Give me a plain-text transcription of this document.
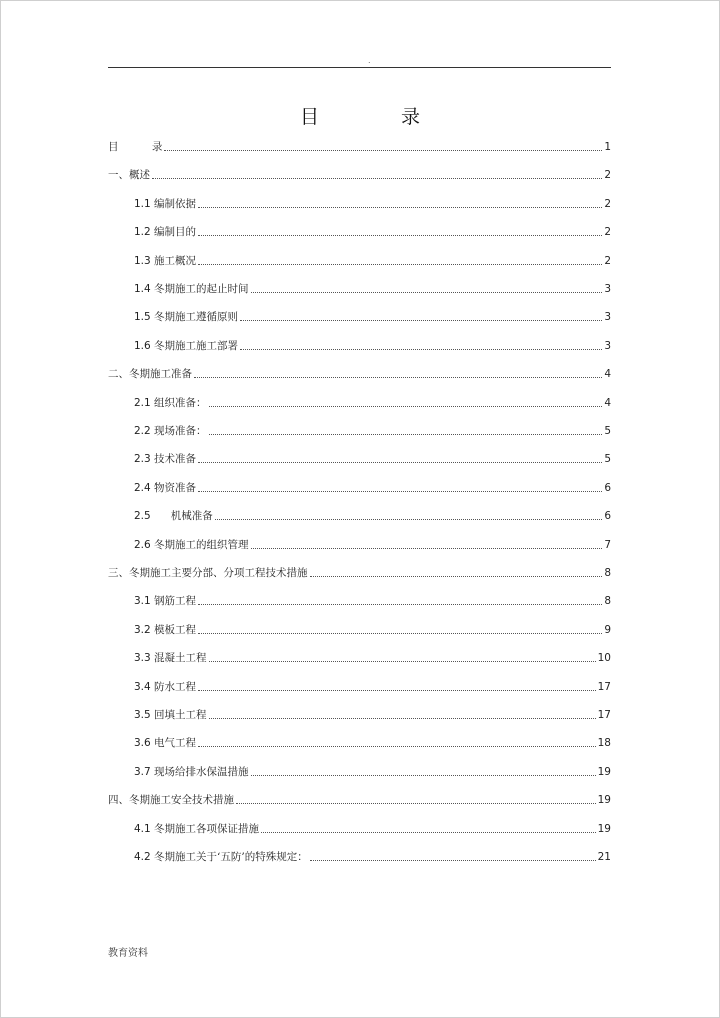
.
目	录
目          录	1
一、概述	2
1.1 编制依据	2
1.2 编制目的	2
1.3 施工概况	2
1.4 冬期施工的起止时间	3
1.5 冬期施工遵循原则	3
1.6 冬期施工施工部署	3
二、冬期施工准备	4
2.1 组织准备：	4
2.2 现场准备：	5
2.3 技术准备	5
2.4 物资准备	6
2.5 机械准备	6
2.6 冬期施工的组织管理	7
三、冬期施工主要分部、分项工程技术措施	8
3.1 钢筋工程	8
3.2 模板工程	9
3.3 混凝土工程	10
3.4 防水工程	17
3.5 回填土工程	17
3.6 电气工程	18
3.7 现场给排水保温措施	19
四、冬期施工安全技术措施	19
4.1 冬期施工各项保证措施	19
4.2 冬期施工关于‘五防’的特殊规定：	21
教育资料
